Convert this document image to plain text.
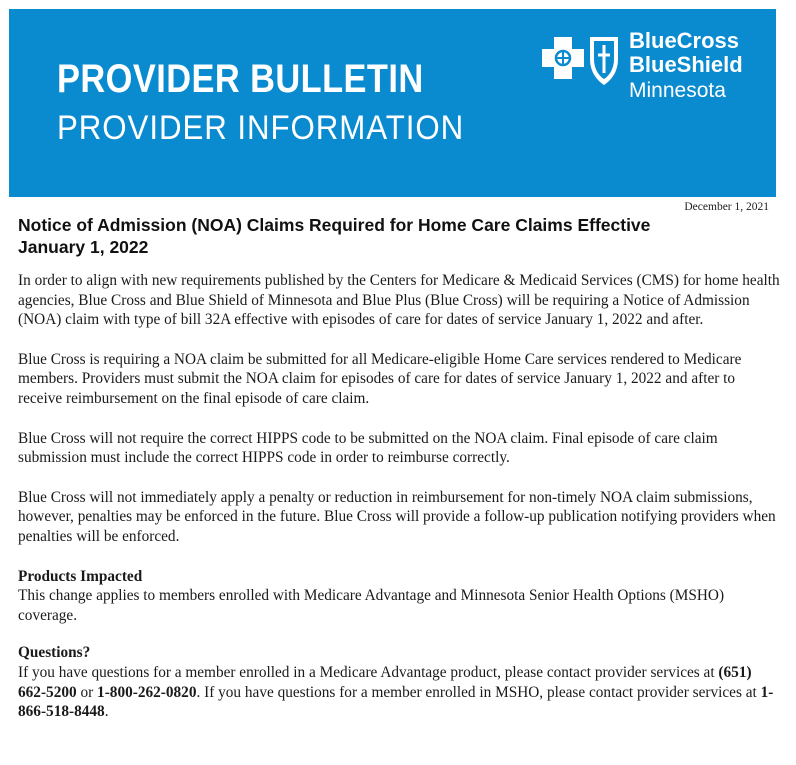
PROVIDER BULLETIN
PROVIDER INFORMATION
BlueCross
BlueShield
Minnesota
December 1, 2021
Notice of Admission (NOA) Claims Required for Home Care Claims Effective
January 1, 2022

In order to align with new requirements published by the Centers for Medicare & Medicaid Services (CMS) for home health agencies, Blue Cross and Blue Shield of Minnesota and Blue Plus (Blue Cross) will be requiring a Notice of Admission (NOA) claim with type of bill 32A effective with episodes of care for dates of service January 1, 2022 and after.

Blue Cross is requiring a NOA claim be submitted for all Medicare-eligible Home Care services rendered to Medicare members. Providers must submit the NOA claim for episodes of care for dates of service January 1, 2022 and after to receive reimbursement on the final episode of care claim.

Blue Cross will not require the correct HIPPS code to be submitted on the NOA claim. Final episode of care claim submission must include the correct HIPPS code in order to reimburse correctly.

Blue Cross will not immediately apply a penalty or reduction in reimbursement for non-timely NOA claim submissions, however, penalties may be enforced in the future. Blue Cross will provide a follow-up publication notifying providers when penalties will be enforced.

Products Impacted
This change applies to members enrolled with Medicare Advantage and Minnesota Senior Health Options (MSHO) coverage.

Questions?
If you have questions for a member enrolled in a Medicare Advantage product, please contact provider services at (651) 662-5200 or 1-800-262-0820. If you have questions for a member enrolled in MSHO, please contact provider services at 1-866-518-8448.
